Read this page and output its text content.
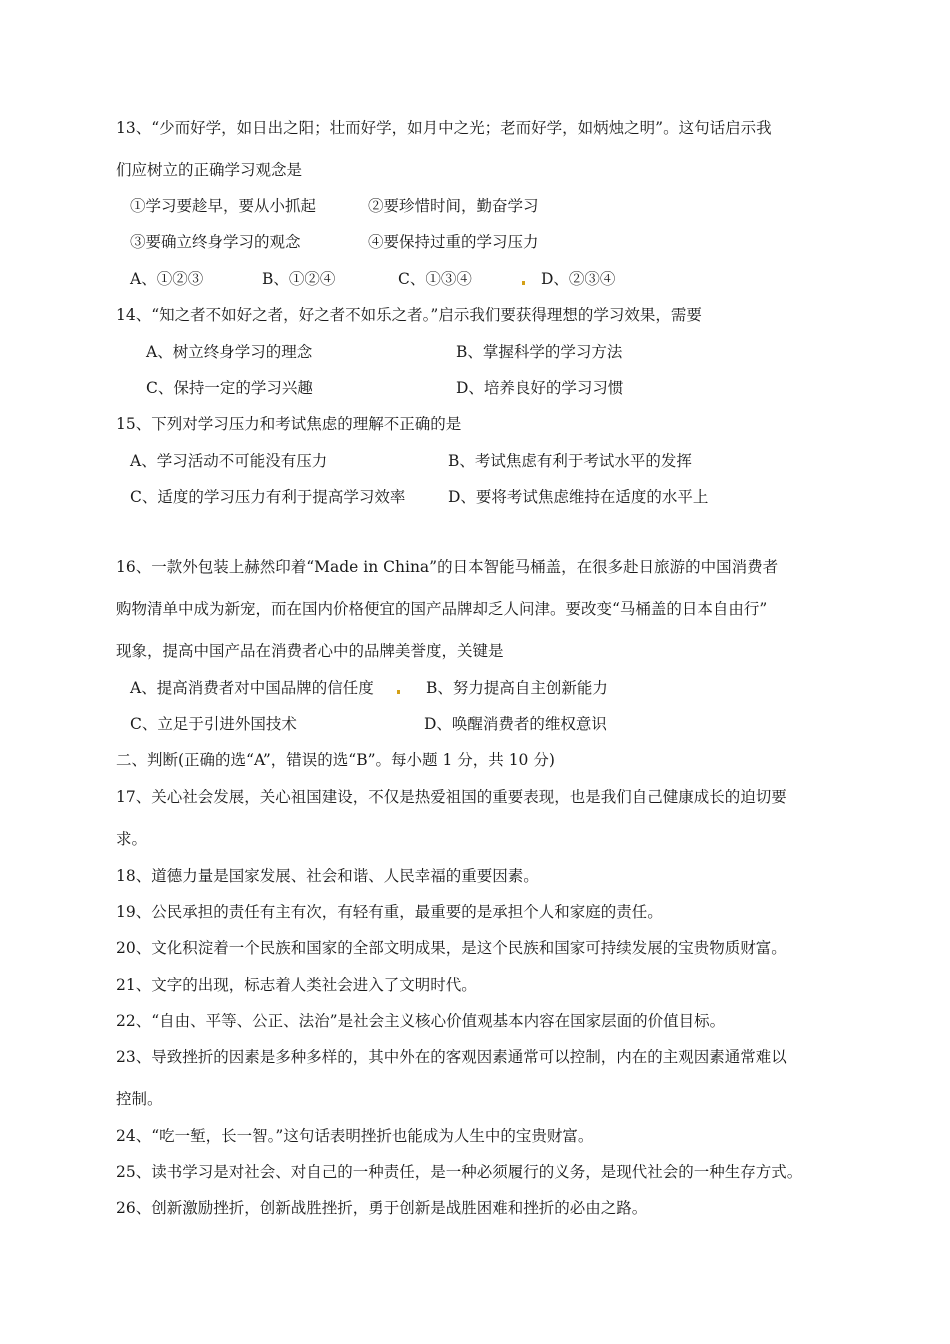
13、“少而好学，如日出之阳；壮而好学，如月中之光；老而好学，如炳烛之明”。这句话启示我
们应树立的正确学习观念是
①学习要趁早，要从小抓起	②要珍惜时间，勤奋学习
③要确立终身学习的观念	④要保持过重的学习压力
A、①②③	B、①②④	C、①③④	D、②③④
14、“知之者不如好之者，好之者不如乐之者。”启示我们要获得理想的学习效果，需要
A、树立终身学习的理念	B、掌握科学的学习方法
C、保持一定的学习兴趣	D、培养良好的学习习惯
15、下列对学习压力和考试焦虑的理解不正确的是
A、学习活动不可能没有压力	B、考试焦虑有利于考试水平的发挥
C、适度的学习压力有利于提高学习效率	D、要将考试焦虑维持在适度的水平上
16、一款外包装上赫然印着“Made in China”的日本智能马桶盖，在很多赴日旅游的中国消费者
购物清单中成为新宠，而在国内价格便宜的国产品牌却乏人问津。要改变“马桶盖的日本自由行”
现象，提高中国产品在消费者心中的品牌美誉度，关键是
A、提高消费者对中国品牌的信任度	B、努力提高自主创新能力
C、立足于引进外国技术	D、唤醒消费者的维权意识
二、判断(正确的选“A”，错误的选“B”。每小题 1 分，共 10 分)
17、关心社会发展，关心祖国建设，不仅是热爱祖国的重要表现，也是我们自己健康成长的迫切要
求。
18、道德力量是国家发展、社会和谐、人民幸福的重要因素。
19、公民承担的责任有主有次，有轻有重，最重要的是承担个人和家庭的责任。
20、文化积淀着一个民族和国家的全部文明成果，是这个民族和国家可持续发展的宝贵物质财富。
21、文字的出现，标志着人类社会进入了文明时代。
22、“自由、平等、公正、法治”是社会主义核心价值观基本内容在国家层面的价值目标。
23、导致挫折的因素是多种多样的，其中外在的客观因素通常可以控制，内在的主观因素通常难以
控制。
24、“吃一堑，长一智。”这句话表明挫折也能成为人生中的宝贵财富。
25、读书学习是对社会、对自己的一种责任，是一种必须履行的义务，是现代社会的一种生存方式。
26、创新激励挫折，创新战胜挫折，勇于创新是战胜困难和挫折的必由之路。
